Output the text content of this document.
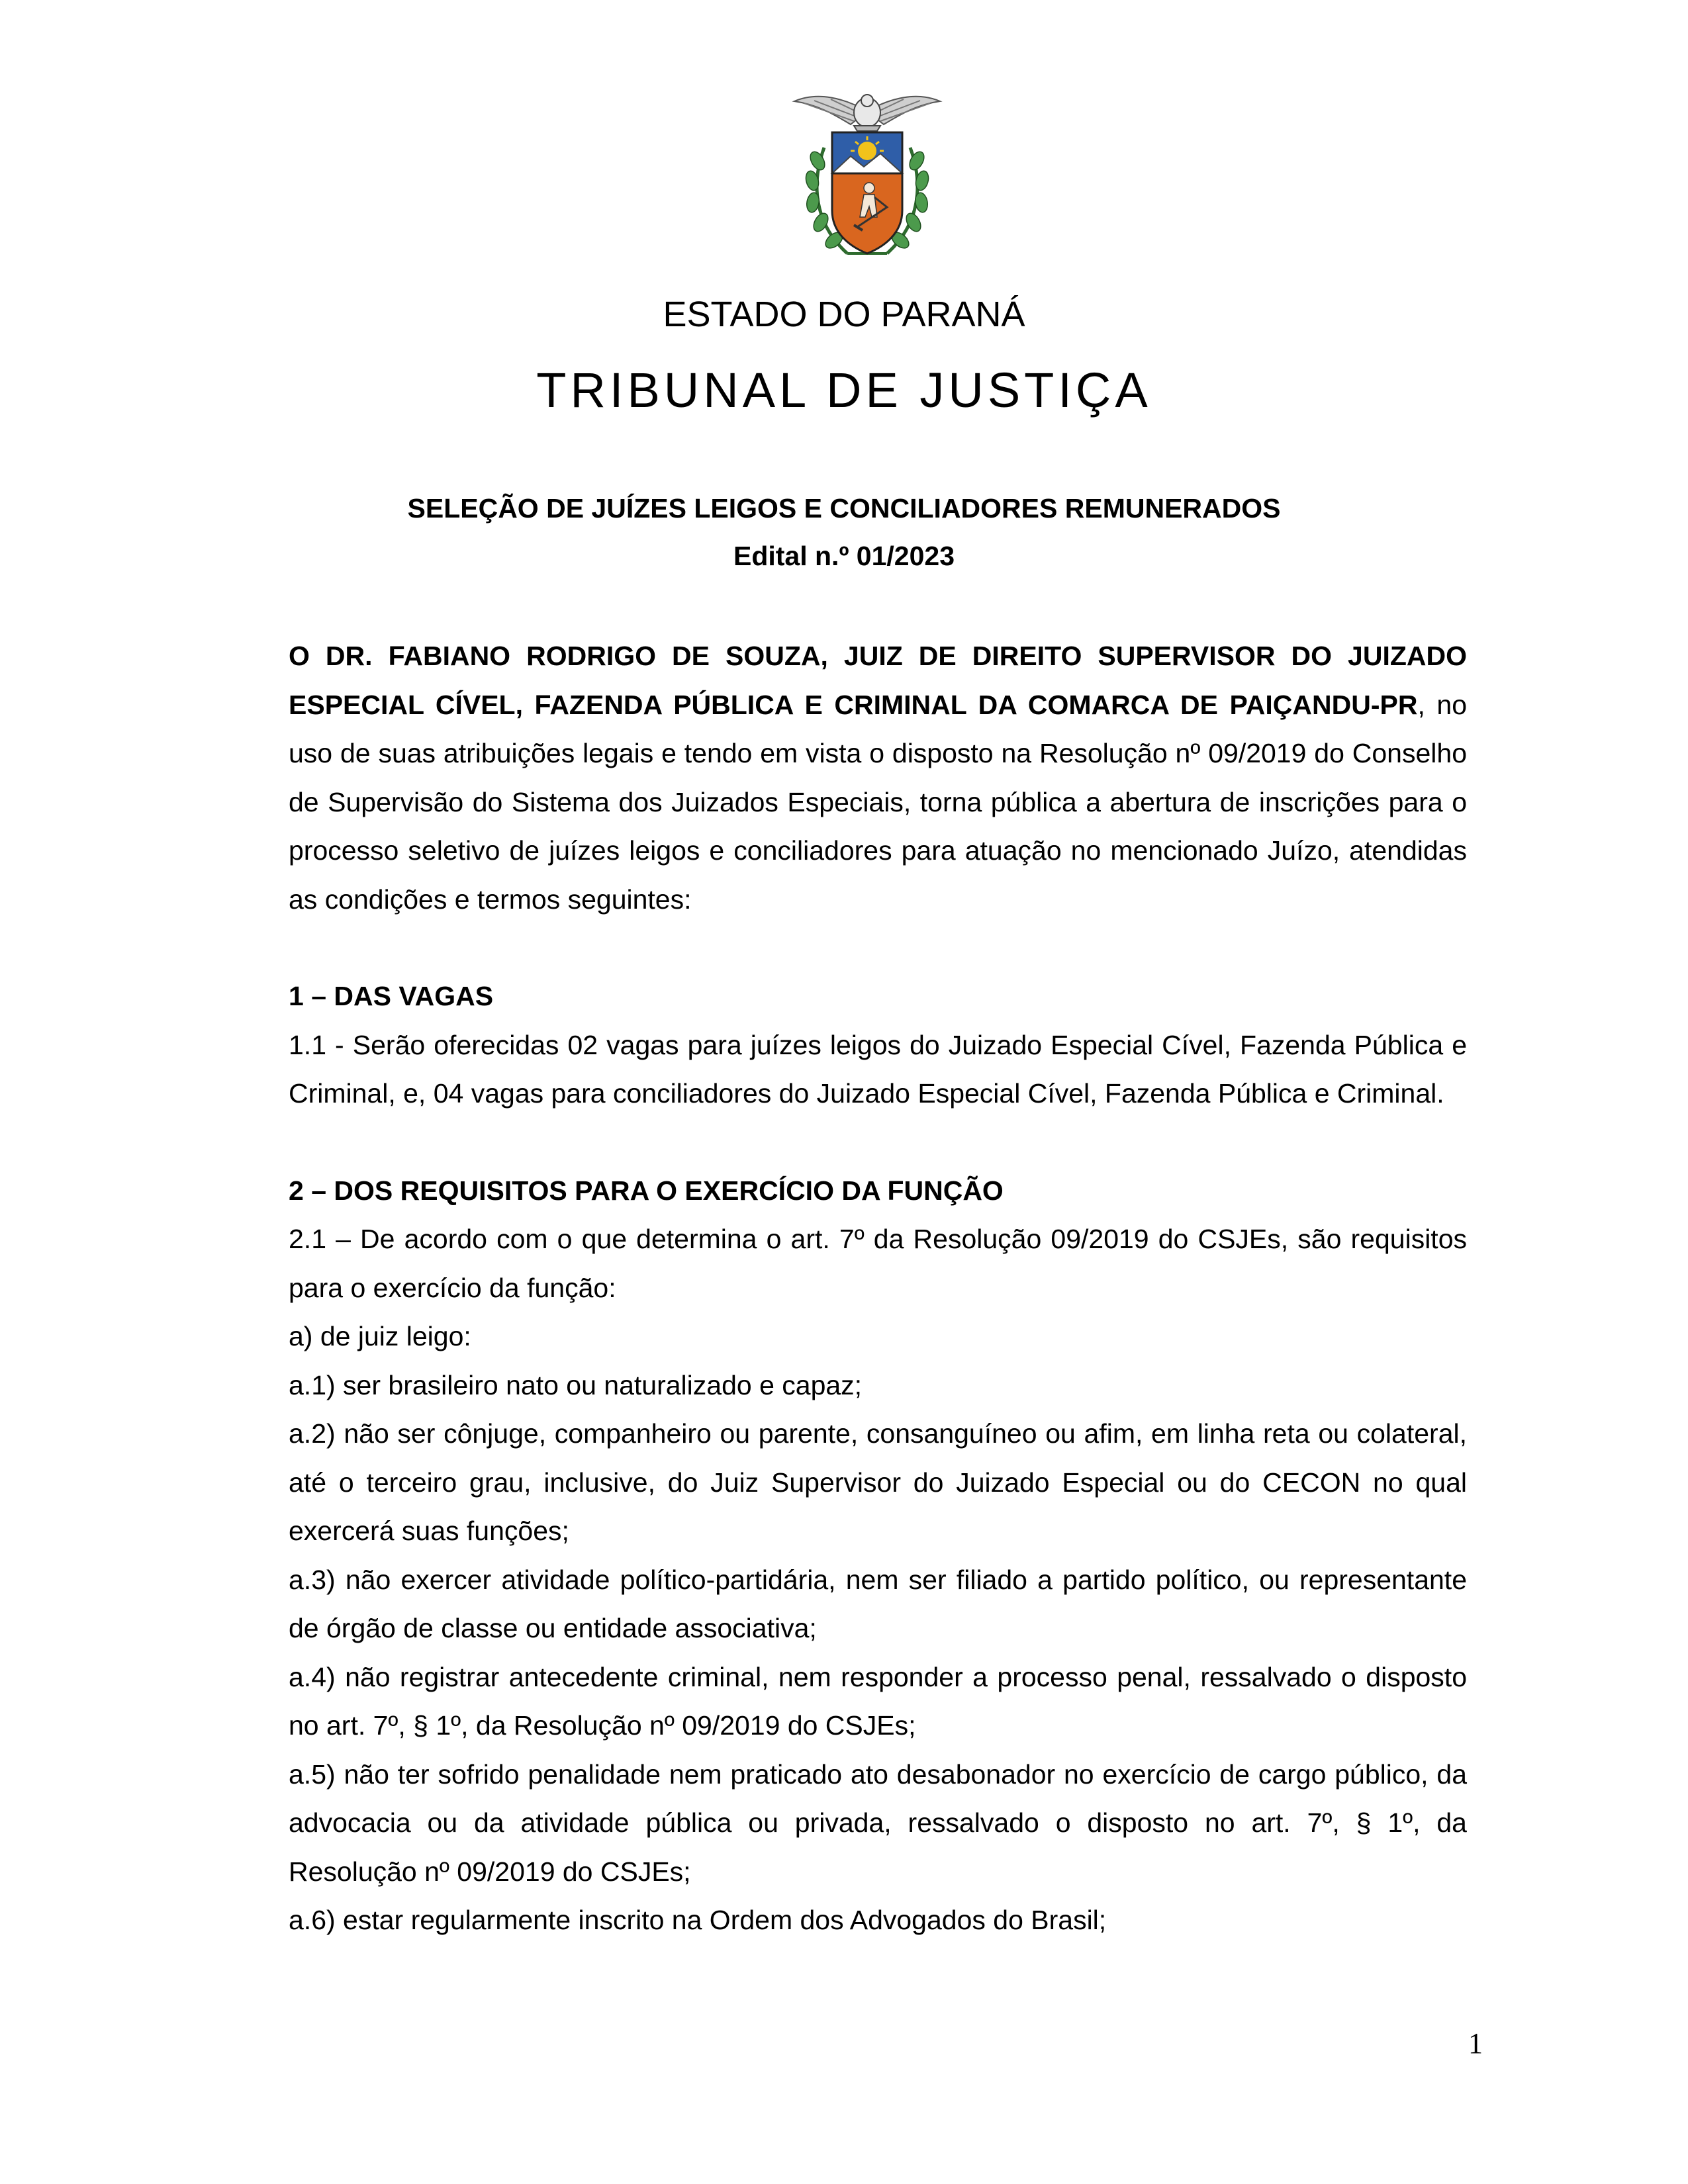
ESTADO DO PARANÁ
TRIBUNAL DE JUSTIÇA
SELEÇÃO DE JUÍZES LEIGOS E CONCILIADORES REMUNERADOS
Edital n.º 01/2023

O DR. FABIANO RODRIGO DE SOUZA, JUIZ DE DIREITO SUPERVISOR DO JUIZADO ESPECIAL CÍVEL, FAZENDA PÚBLICA E CRIMINAL DA COMARCA DE PAIÇANDU-PR, no uso de suas atribuições legais e tendo em vista o disposto na Resolução nº 09/2019 do Conselho de Supervisão do Sistema dos Juizados Especiais, torna pública a abertura de inscrições para o processo seletivo de juízes leigos e conciliadores para atuação no mencionado Juízo, atendidas as condições e termos seguintes:

1 – DAS VAGAS

1.1 - Serão oferecidas 02 vagas para juízes leigos do Juizado Especial Cível, Fazenda Pública e Criminal, e, 04 vagas para conciliadores do Juizado Especial Cível, Fazenda Pública e Criminal.

2 – DOS REQUISITOS PARA O EXERCÍCIO DA FUNÇÃO

2.1 – De acordo com o que determina o art. 7º da Resolução 09/2019 do CSJEs, são requisitos para o exercício da função:

a) de juiz leigo:

a.1) ser brasileiro nato ou naturalizado e capaz;

a.2) não ser cônjuge, companheiro ou parente, consanguíneo ou afim, em linha reta ou colateral, até o terceiro grau, inclusive, do Juiz Supervisor do Juizado Especial ou do CECON no qual exercerá suas funções;

a.3) não exercer atividade político-partidária, nem ser filiado a partido político, ou representante de órgão de classe ou entidade associativa;

a.4) não registrar antecedente criminal, nem responder a processo penal, ressalvado o disposto no art. 7º, § 1º, da Resolução nº 09/2019 do CSJEs;

a.5) não ter sofrido penalidade nem praticado ato desabonador no exercício de cargo público, da advocacia ou da atividade pública ou privada, ressalvado o disposto no art. 7º, § 1º, da Resolução nº 09/2019 do CSJEs;

a.6) estar regularmente inscrito na Ordem dos Advogados do Brasil;

1
